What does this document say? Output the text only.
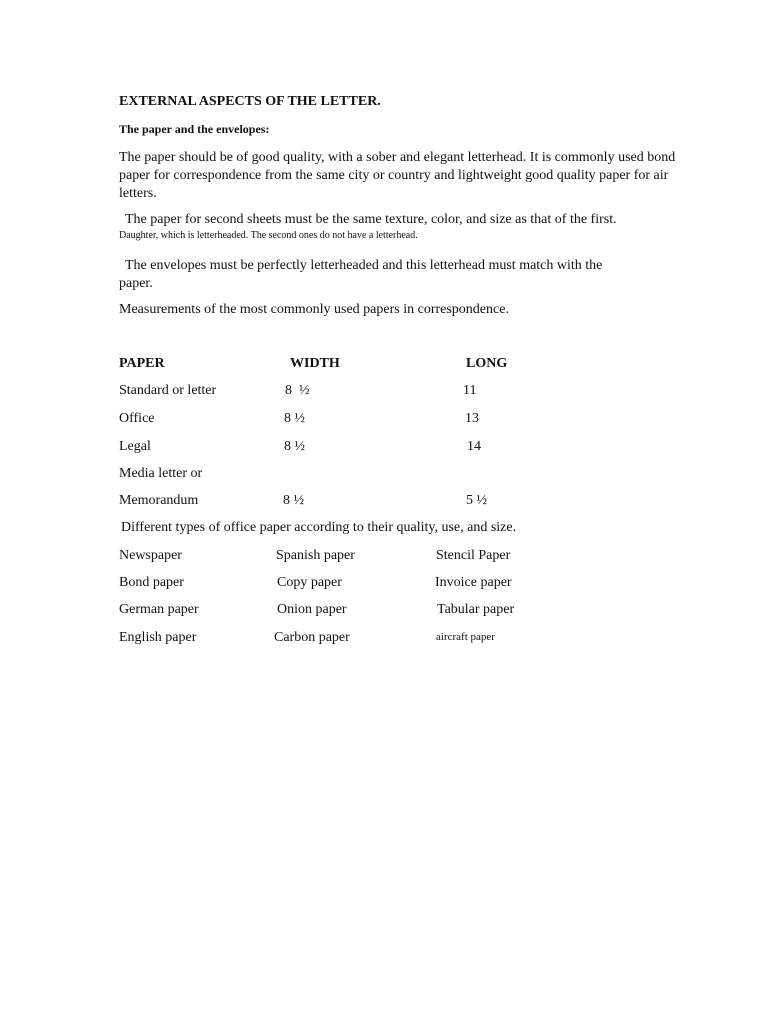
EXTERNAL ASPECTS OF THE LETTER.
The paper and the envelopes:
The paper should be of good quality, with a sober and elegant letterhead. It is commonly used bond paper for correspondence from the same city or country and lightweight good quality paper for air letters.
The paper for second sheets must be the same texture, color, and size as that of the first.
Daughter, which is letterheaded. The second ones do not have a letterhead.
The envelopes must be perfectly letterheaded and this letterhead must match with the paper.
Measurements of the most commonly used papers in correspondence.
PAPER	WIDTH	LONG
Standard or letter	8  ½	11
Office	8 ½	13
Legal	8 ½	14
Media letter or
Memorandum	8 ½	5 ½
Different types of office paper according to their quality, use, and size.
Newspaper	Spanish paper	Stencil Paper
Bond paper	Copy paper	Invoice paper
German paper	Onion paper	Tabular paper
English paper	Carbon paper	aircraft paper
